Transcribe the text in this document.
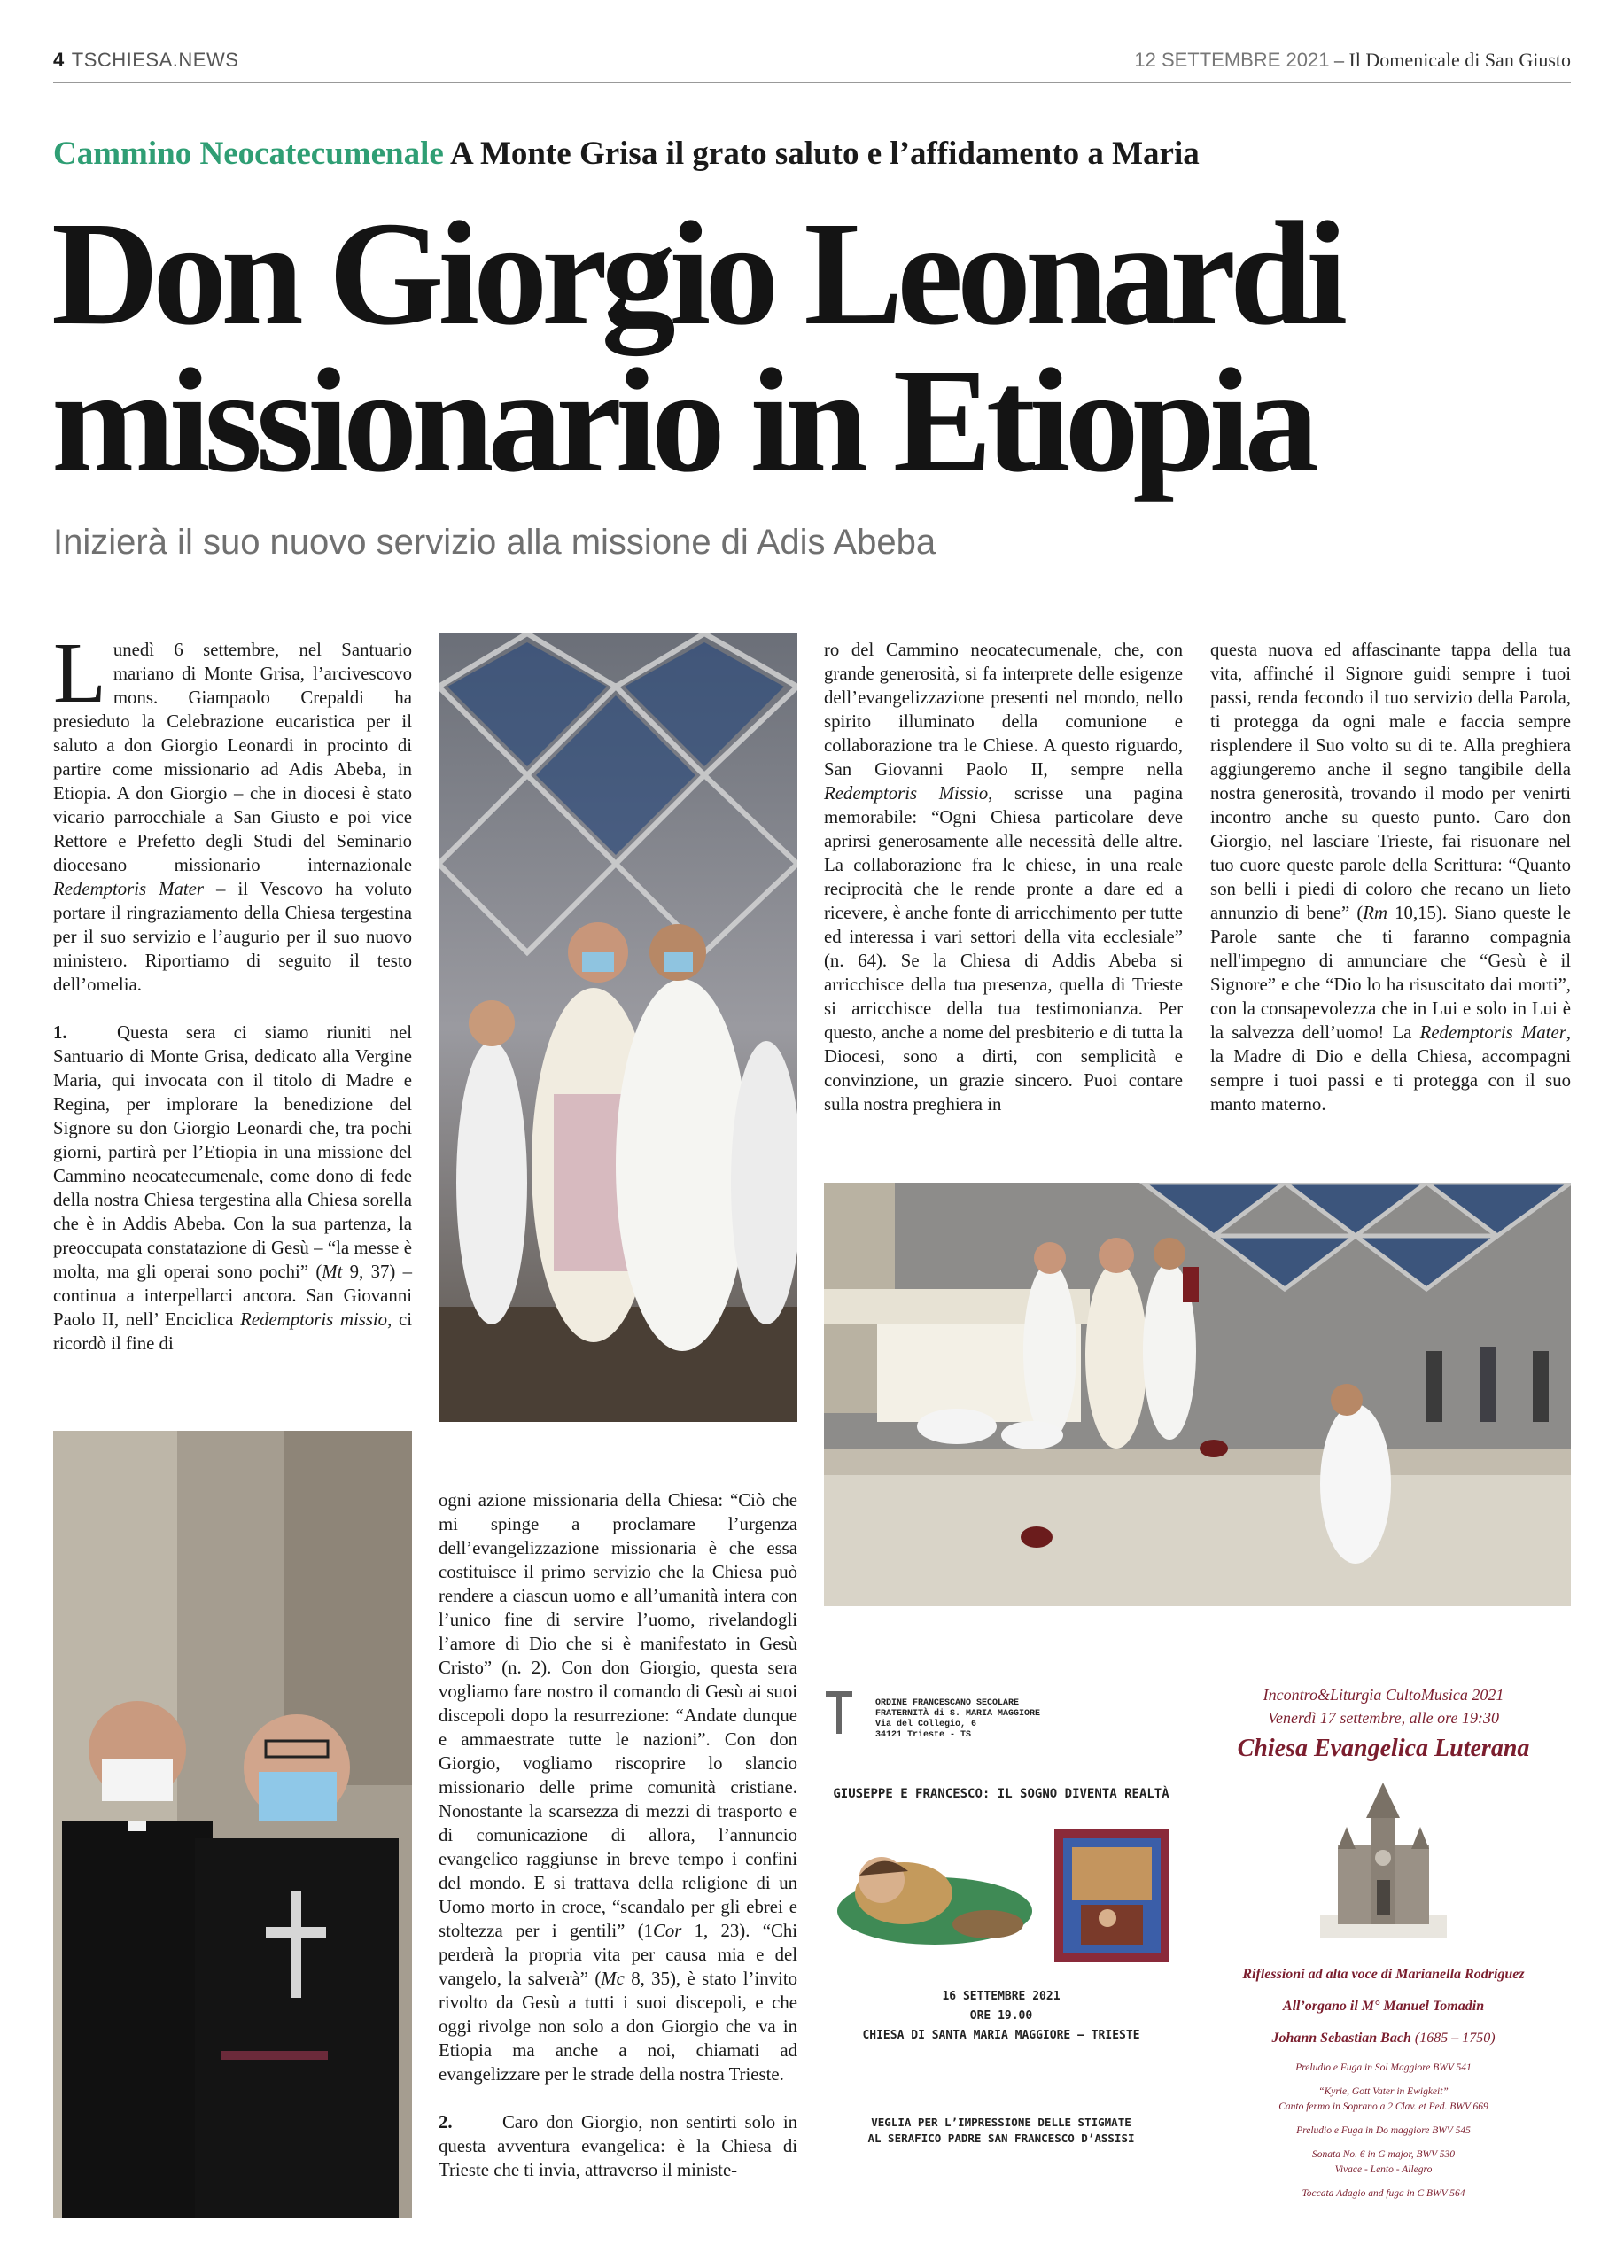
4 TSCHIESA.NEWS	12 SETTEMBRE 2021 – Il Domenicale di San Giusto
Cammino Neocatecumenale A Monte Grisa il grato saluto e l’affidamento a Maria
Don Giorgio Leonardi
missionario in Etiopia
Inizierà il suo nuovo servizio alla missione di Adis Abeba

Lunedì 6 settembre, nel Santuario mariano di Monte Grisa, l’arcivescovo mons. Giampaolo Crepaldi ha presieduto la Celebrazione eucaristica per il saluto a don Giorgio Leonardi in procinto di partire come missionario ad Adis Abeba, in Etiopia. A don Giorgio – che in diocesi è stato vicario parrocchiale a San Giusto e poi vice Rettore e Prefetto degli Studi del Seminario diocesano missionario internazionale Redemptoris Mater – il Vescovo ha voluto portare il ringraziamento della Chiesa tergestina per il suo servizio e l’augurio per il suo nuovo ministero. Riportiamo di seguito il testo dell’omelia.

1.	Questa sera ci siamo riuniti nel Santuario di Monte Grisa, dedicato alla Vergine Maria, qui invocata con il titolo di Madre e Regina, per implorare la benedizione del Signore su don Giorgio Leonardi che, tra pochi giorni, partirà per l’Etiopia in una missione del Cammino neocatecumenale, come dono di fede della nostra Chiesa tergestina alla Chiesa sorella che è in Addis Abeba. Con la sua partenza, la preoccupata constatazione di Gesù – “la messe è molta, ma gli operai sono pochi” (Mt 9, 37) – continua a interpellarci ancora. San Giovanni Paolo II, nell’ Enciclica Redemptoris missio, ci ricordò il fine di

ro del Cammino neocatecumenale, che, con grande generosità, si fa interprete delle esigenze dell’evangelizzazione presenti nel mondo, nello spirito illuminato della comunione e collaborazione tra le Chiese. A questo riguardo, San Giovanni Paolo II, sempre nella Redemptoris Missio, scrisse una pagina memorabile: “Ogni Chiesa particolare deve aprirsi generosamente alle necessità delle altre. La collaborazione fra le chiese, in una reale reciprocità che le rende pronte a dare ed a ricevere, è anche fonte di arricchimento per tutte ed interessa i vari settori della vita ecclesiale” (n. 64). Se la Chiesa di Addis Abeba si arricchisce della tua presenza, quella di Trieste si arricchisce della tua testimonianza. Per questo, anche a nome del presbiterio e di tutta la Diocesi, sono a dirti, con semplicità e convinzione, un grazie sincero. Puoi contare sulla nostra preghiera in

questa nuova ed affascinante tappa della tua vita, affinché il Signore guidi sempre i tuoi passi, renda fecondo il tuo servizio della Parola, ti protegga da ogni male e faccia sempre risplendere il Suo volto su di te. Alla preghiera aggiungeremo anche il segno tangibile della nostra generosità, trovando il modo per venirti incontro anche su questo punto. Caro don Giorgio, nel lasciare Trieste, fai risuonare nel tuo cuore queste parole della Scrittura: “Quanto son belli i piedi di coloro che recano un lieto annunzio di bene” (Rm 10,15). Siano queste le Parole sante che ti faranno compagnia nell'impegno di annunciare che “Gesù è il Signore” e che “Dio lo ha risuscitato dai morti”, con la consapevolezza che in Lui e solo in Lui è la salvezza dell’uomo! La Redemptoris Mater, la Madre di Dio e della Chiesa, accompagni sempre i tuoi passi e ti protegga con il suo manto materno.

ogni azione missionaria della Chiesa: “Ciò che mi spinge a proclamare l’urgenza dell’evangelizzazione missionaria è che essa costituisce il primo servizio che la Chiesa può rendere a ciascun uomo e all’umanità intera con l’unico fine di servire l’uomo, rivelandogli l’amore di Dio che si è manifestato in Gesù Cristo” (n. 2). Con don Giorgio, questa sera vogliamo fare nostro il comando di Gesù ai suoi discepoli dopo la resurrezione: “Andate dunque e ammaestrate tutte le nazioni”. Con don Giorgio, vogliamo riscoprire lo slancio missionario delle prime comunità cristiane. Nonostante la scarsezza di mezzi di trasporto e di comunicazione di allora, l’annuncio evangelico raggiunse in breve tempo i confini del mondo. E si trattava della religione di un Uomo morto in croce, “scandalo per gli ebrei e stoltezza per i gentili” (1Cor 1, 23). “Chi perderà la propria vita per causa mia e del vangelo, la salverà” (Mc 8, 35), è stato l’invito rivolto da Gesù a tutti i suoi discepoli, e che oggi rivolge non solo a don Giorgio che va in Etiopia ma anche a noi, chiamati ad evangelizzare per le strade della nostra Trieste.

2.	Caro don Giorgio, non sentirti solo in questa avventura evangelica: è la Chiesa di Trieste che ti invia, attraverso il ministe-

ORDINE FRANCESCANO SECOLARE
FRATERNITÀ di S. MARIA MAGGIORE
Via del Collegio, 6
34121 Trieste - TS
GIUSEPPE E FRANCESCO: IL SOGNO DIVENTA REALTÀ
16 SETTEMBRE 2021
ORE 19.00
CHIESA DI SANTA MARIA MAGGIORE – TRIESTE
VEGLIA PER L’IMPRESSIONE DELLE STIGMATE
AL SERAFICO PADRE SAN FRANCESCO D’ASSISI
Incontro&Liturgia CultoMusica 2021
Venerdì 17 settembre, alle ore 19:30
Chiesa Evangelica Luterana
Riflessioni ad alta voce di Marianella Rodriguez
All’organo il M° Manuel Tomadin
Johann Sebastian Bach (1685 – 1750)
Preludio e Fuga in Sol Maggiore BWV 541
“Kyrie, Gott Vater in Ewigkeit”
Canto fermo in Soprano a 2 Clav. et Ped. BWV 669
Preludio e Fuga in Do maggiore BWV 545
Sonata No. 6 in G major, BWV 530
Vivace - Lento - Allegro
Toccata Adagio and fuga in C BWV 564
